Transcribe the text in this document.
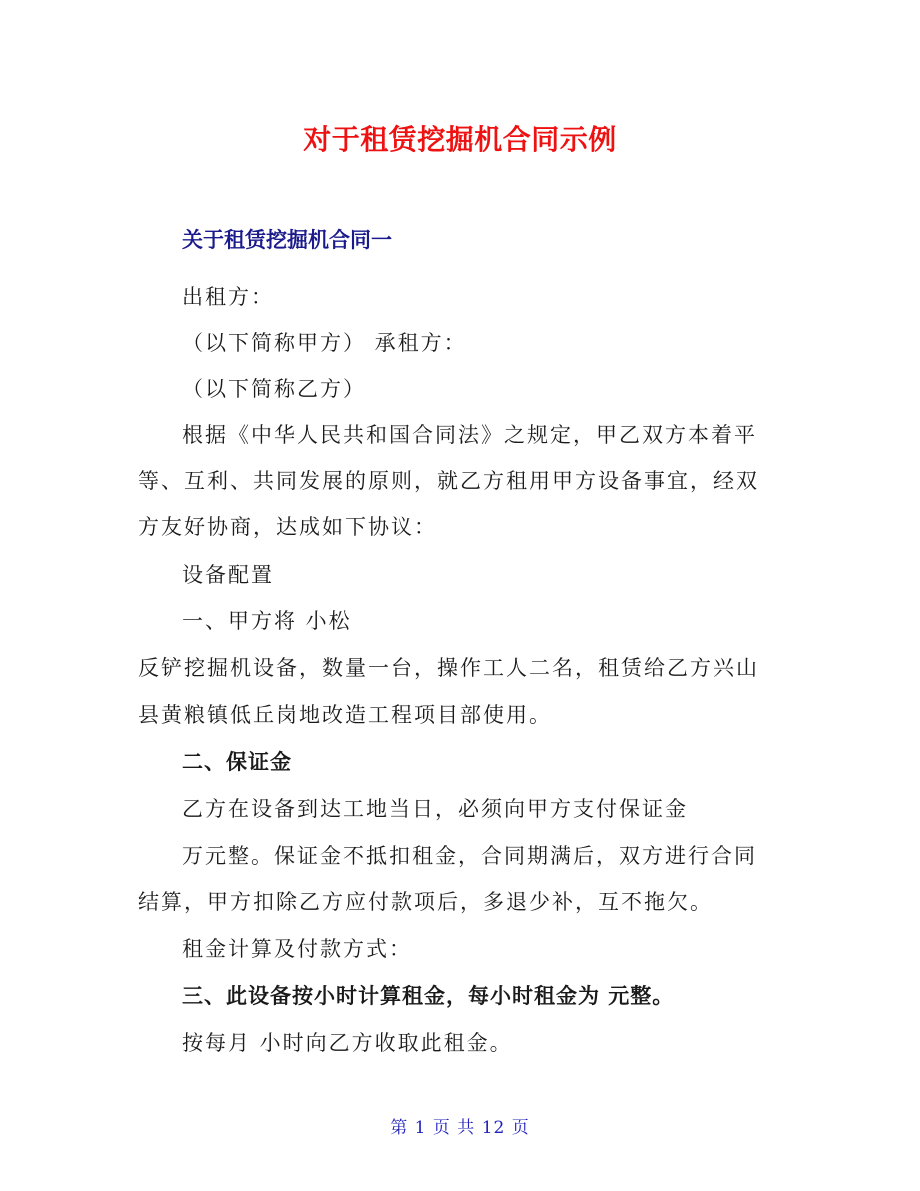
对于租赁挖掘机合同示例
关于租赁挖掘机合同一
出租方：
（以下简称甲方） 承租方：
（以下简称乙方）
根据《中华人民共和国合同法》之规定，甲乙双方本着平
等、互利、共同发展的原则，就乙方租用甲方设备事宜，经双
方友好协商，达成如下协议：
设备配置
一、甲方将 小松
反铲挖掘机设备，数量一台，操作工人二名，租赁给乙方兴山
县黄粮镇低丘岗地改造工程项目部使用。
二、保证金
乙方在设备到达工地当日，必须向甲方支付保证金
万元整。保证金不抵扣租金，合同期满后，双方进行合同
结算，甲方扣除乙方应付款项后，多退少补，互不拖欠。
租金计算及付款方式：
三、此设备按小时计算租金，每小时租金为 元整。
按每月 小时向乙方收取此租金。
第 1 页 共 12 页
